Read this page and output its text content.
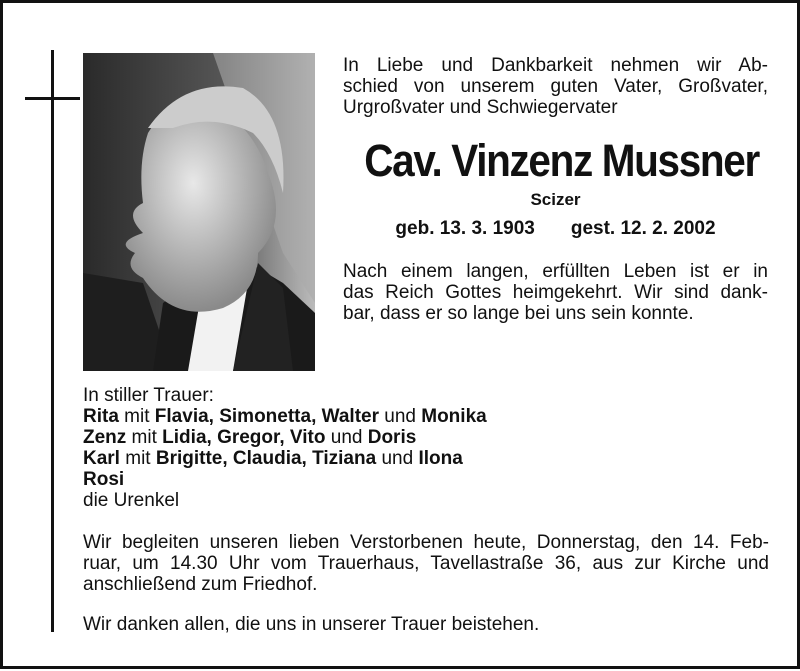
In Liebe und Dankbarkeit nehmen wir Ab-
schied von unserem guten Vater, Großvater,
Urgroßvater und Schwiegervater
Cav. Vinzenz Mussner
Scizer
geb. 13. 3. 1903 gest. 12. 2. 2002
Nach einem langen, erfüllten Leben ist er in
das Reich Gottes heimgekehrt. Wir sind dank-
bar, dass er so lange bei uns sein konnte.
In stiller Trauer:
Rita mit Flavia, Simonetta, Walter und Monika
Zenz mit Lidia, Gregor, Vito und Doris
Karl mit Brigitte, Claudia, Tiziana und Ilona
Rosi
die Urenkel
Wir begleiten unseren lieben Verstorbenen heute, Donnerstag, den 14. Feb-
ruar, um 14.30 Uhr vom Trauerhaus, Tavellastraße 36, aus zur Kirche und
anschließend zum Friedhof.
Wir danken allen, die uns in unserer Trauer beistehen.
